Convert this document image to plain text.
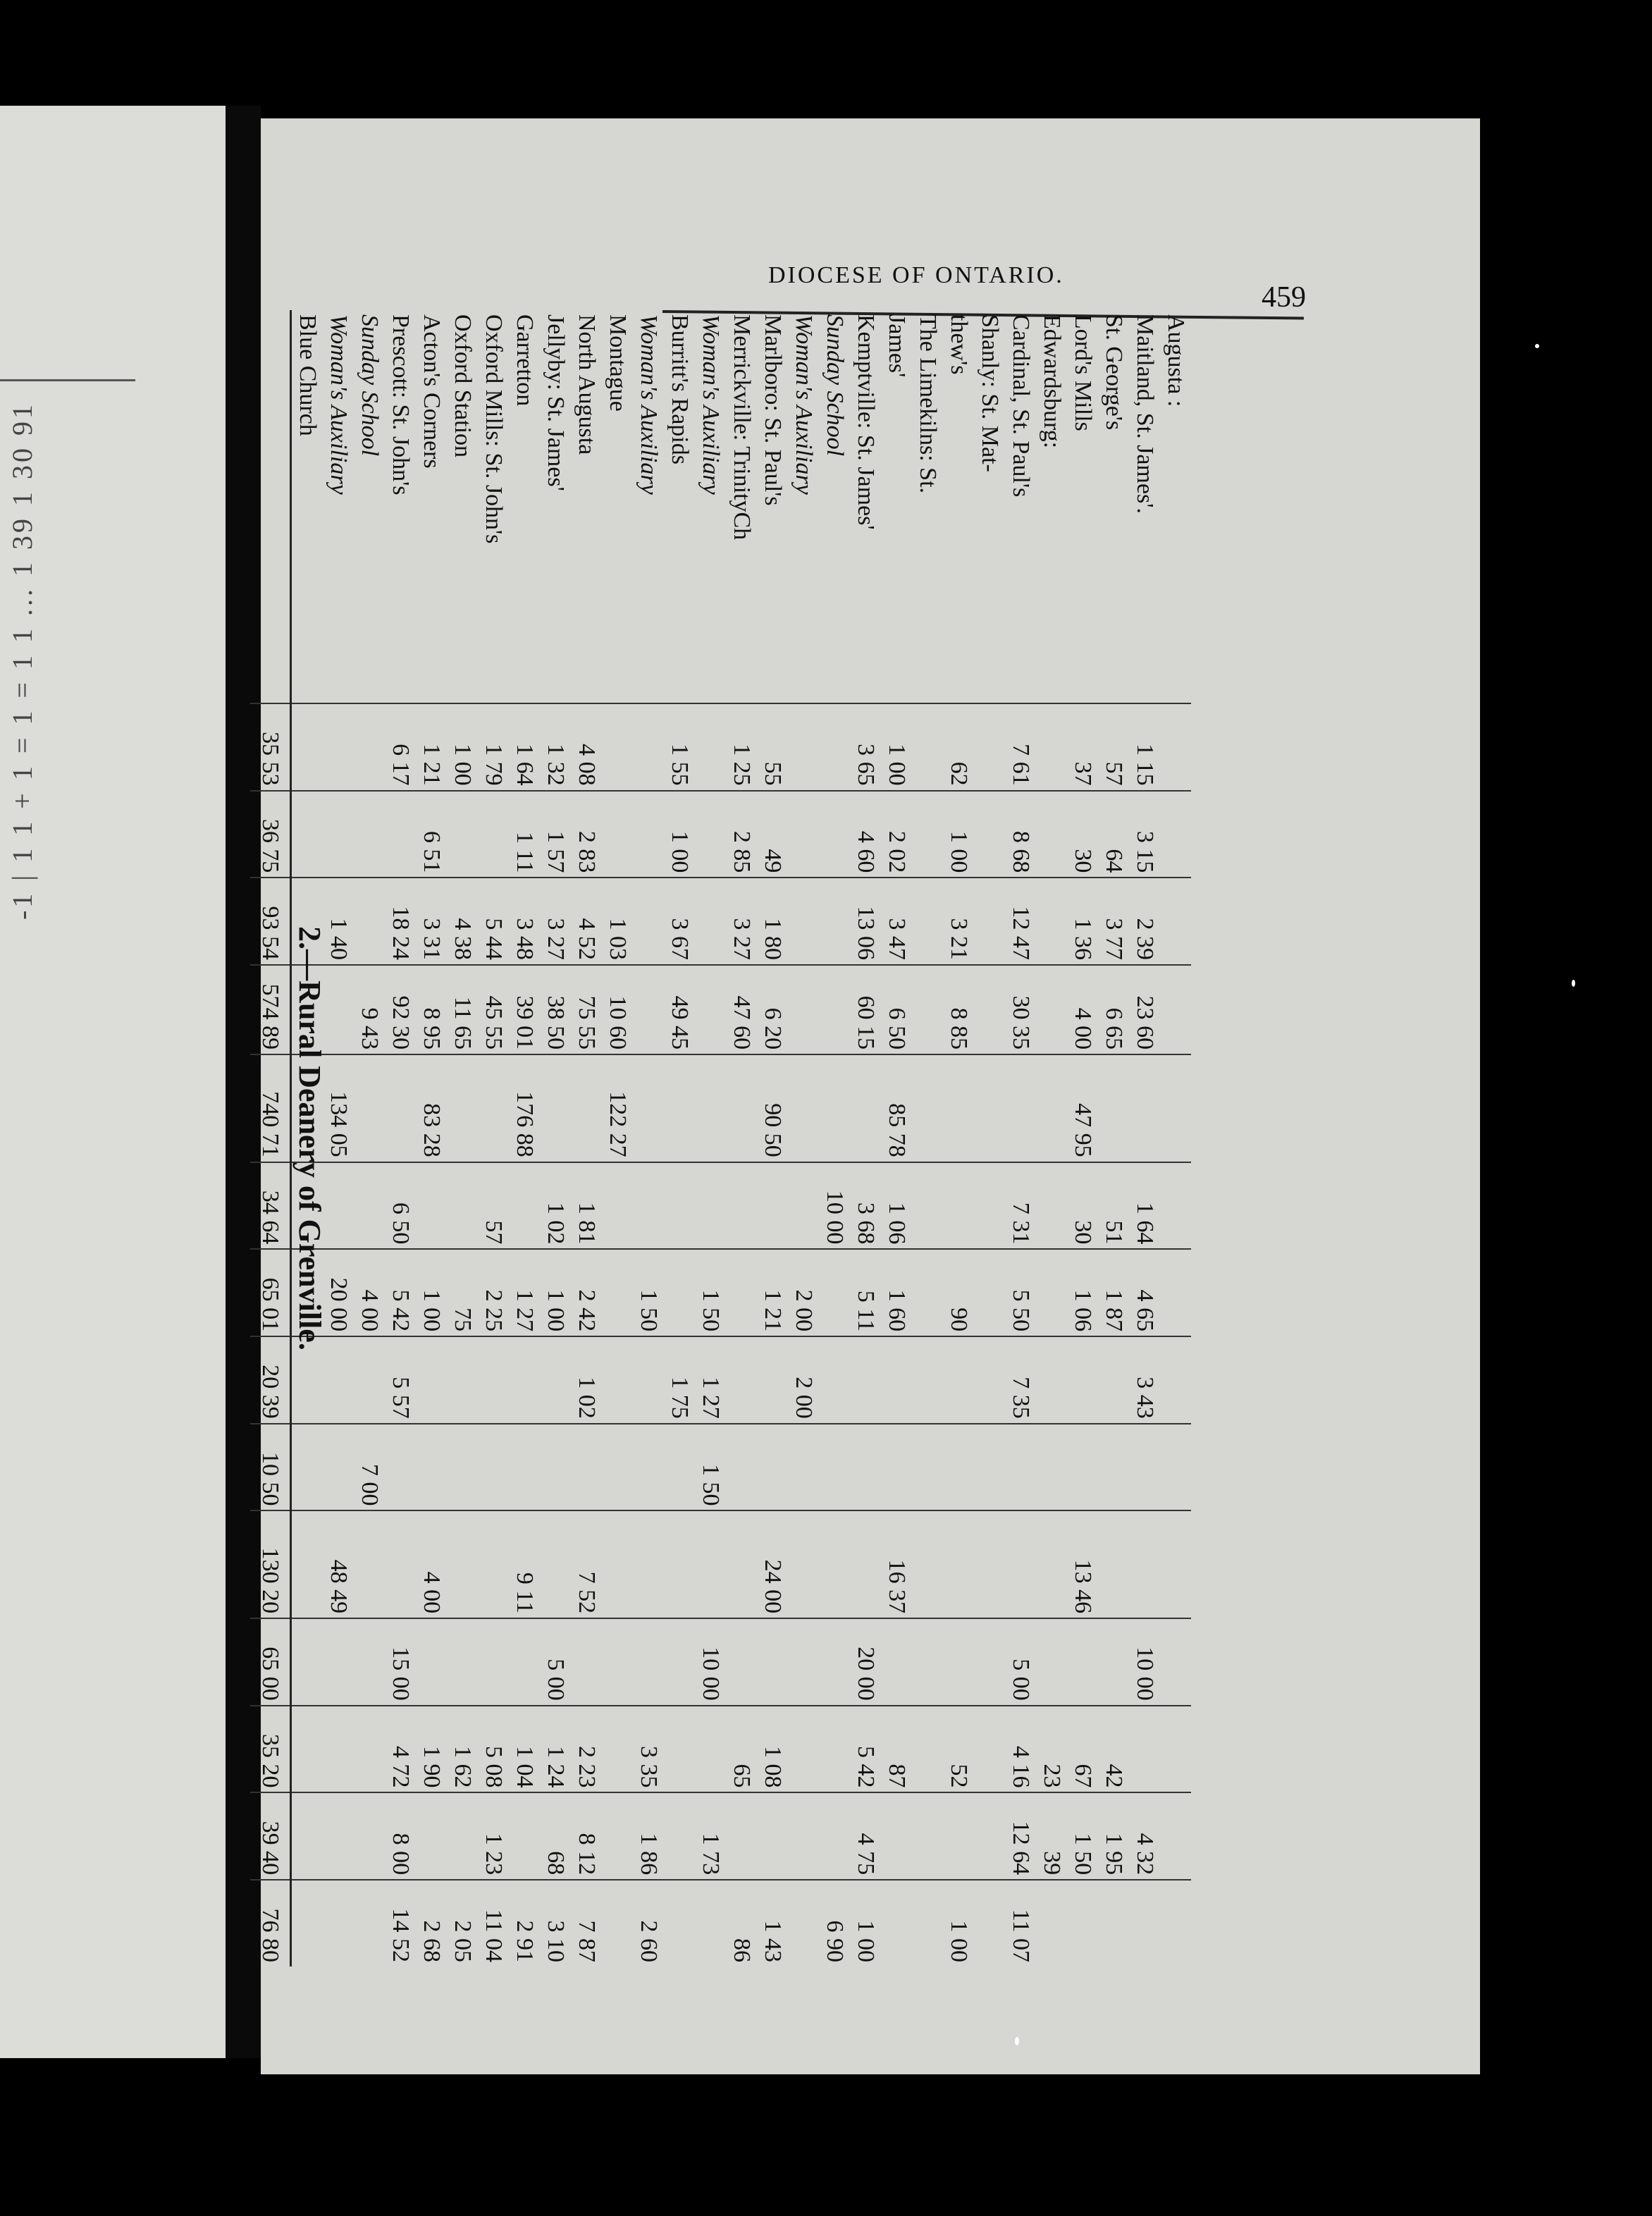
-1 | 1 1 + 1 = 1 = 1 1 ... 1 39 1 30 91
DIOCESE OF ONTARIO.
459
Augusta :														
Maitland, St. James'.	1 15	3 15	2 39	23 60		1 64	4 65	3 43			10 00		4 32	
St. George's	57	64	3 77	6 65		51	1 87					42	1 95	
Lord's Mills	37	30	1 36	4 00	47 95	30	1 06			13 46		67	1 50	
Edwardsburg:												23	39	
Cardinal, St. Paul's	7 61	8 68	12 47	30 35		7 31	5 50	7 35			5 00	4 16	12 64	11 07
Shanly: St. Mat-														
thew's	62	1 00	3 21	8 85			90					52		1 00
The Limekilns: St.														
James'	1 00	2 02	3 47	6 50	85 78	1 06	1 60			16 37		87		
Kemptville: St. James'	3 65	4 60	13 06	60 15		3 68	5 11				20 00	5 42	4 75	1 00
Sunday School						10 00								6 90
Woman's Auxiliary							2 00	2 00						
Marlboro: St. Paul's	55	49	1 80	6 20	90 50		1 21			24 00		1 08		1 43
Merrickville: TrinityCh	1 25	2 85	3 27	47 60								65		86
Woman's Auxiliary							1 50	1 27	1 50		10 00		1 73	
Burritt's Rapids	1 55	1 00	3 67	49 45				1 75						
Woman's Auxiliary							1 50					3 35	1 86	2 60
Montague			1 03	10 60	122 27									
North Augusta	4 08	2 83	4 52	75 55		1 81	2 42	1 02		7 52		2 23	8 12	7 87
Jellyby: St. James'	1 32	1 57	3 27	38 50		1 02	1 00				5 00	1 24	68	3 10
Garretton	1 64	1 11	3 48	39 01	176 88		1 27			9 11		1 04		2 91
Oxford Mills: St. John's	1 79		5 44	45 55		57	2 25					5 08	1 23	11 04
Oxford Station	1 00		4 38	11 65			75					1 62		2 05
Acton's Corners	1 21	6 51	3 31	8 95	83 28		1 00			4 00		1 90		2 68
Prescott: St. John's	6 17		18 24	92 30		6 50	5 42	5 57			15 00	4 72	8 00	14 52
Sunday School				9 43			4 00		7 00					
Woman's Auxiliary			1 40		134 05		20 00			48 49				
Blue Church														
	35 53	36 75	93 54	574 89	740 71	34 64	65 01	20 39	10 50	130 20	65 00	35 20	39 40	76 80
2.—Rural Deanery of Grenville.
